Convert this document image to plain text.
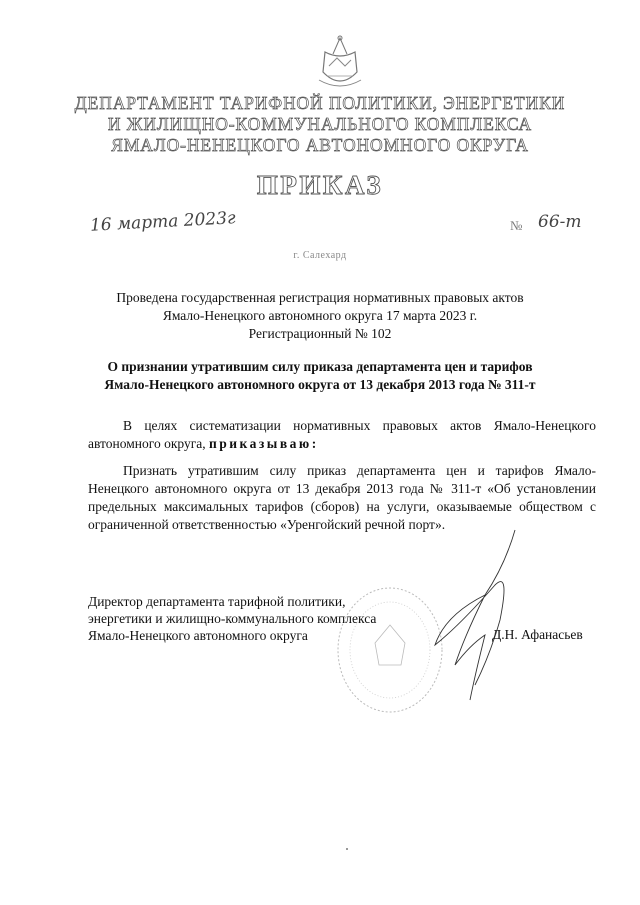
ДЕПАРТАМЕНТ ТАРИФНОЙ ПОЛИТИКИ, ЭНЕРГЕТИКИ
И ЖИЛИЩНО-КОММУНАЛЬНОГО КОМПЛЕКСА
ЯМАЛО-НЕНЕЦКОГО АВТОНОМНОГО ОКРУГА
ПРИКАЗ
16 марта 2023г	№ 66-т
г. Салехард
Проведена государственная регистрация нормативных правовых актов
Ямало-Ненецкого автономного округа 17 марта 2023 г.
Регистрационный № 102
О признании утратившим силу приказа департамента цен и тарифов
Ямало-Ненецкого автономного округа от 13 декабря 2013 года № 311-т
В целях систематизации нормативных правовых актов Ямало-Ненецкого автономного округа, приказываю:
Признать утратившим силу приказ департамента цен и тарифов Ямало-Ненецкого автономного округа от 13 декабря 2013 года № 311-т «Об установлении предельных максимальных тарифов (сборов) на услуги, оказываемые обществом с ограниченной ответственностью «Уренгойский речной порт».
Директор департамента тарифной политики,
энергетики и жилищно-коммунального комплекса
Ямало-Ненецкого автономного округа	Д.Н. Афанасьев
